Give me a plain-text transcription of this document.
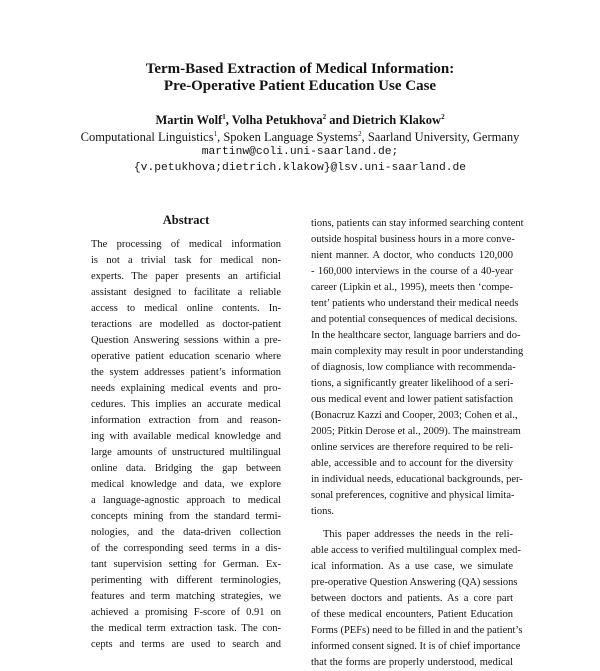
Term-Based Extraction of Medical Information:
Pre-Operative Patient Education Use Case
Martin Wolf$^1$, Volha Petukhova$^2$ and Dietrich Klakow$^2$
Computational Linguistics$^1$, Spoken Language Systems$^2$, Saarland University, Germany
martinw@coli.uni-saarland.de;
{v.petukhova;dietrich.klakow}@lsv.uni-saarland.de
Abstract
The processing of medical information
is not a trivial task for medical non-
experts. The paper presents an artificial
assistant designed to facilitate a reliable
access to medical online contents. In-
teractions are modelled as doctor-patient
Question Answering sessions within a pre-
operative patient education scenario where
the system addresses patient’s information
needs explaining medical events and pro-
cedures. This implies an accurate medical
information extraction from and reason-
ing with available medical knowledge and
large amounts of unstructured multilingual
online data. Bridging the gap between
medical knowledge and data, we explore
a language-agnostic approach to medical
concepts mining from the standard termi-
nologies, and the data-driven collection
of the corresponding seed terms in a dis-
tant supervision setting for German. Ex-
perimenting with different terminologies,
features and term matching strategies, we
achieved a promising F-score of 0.91 on
the medical term extraction task. The con-
cepts and terms are used to search and
tions, patients can stay informed searching content
outside hospital business hours in a more conve-
nient manner. A doctor, who conducts 120,000
- 160,000 interviews in the course of a 40-year
career (Lipkin et al., 1995), meets then ‘compe-
tent’ patients who understand their medical needs
and potential consequences of medical decisions.
In the healthcare sector, language barriers and do-
main complexity may result in poor understanding
of diagnosis, low compliance with recommenda-
tions, a significantly greater likelihood of a seri-
ous medical event and lower patient satisfaction
(Bonacruz Kazzi and Cooper, 2003; Cohen et al.,
2005; Pitkin Derose et al., 2009). The mainstream
online services are therefore required to be reli-
able, accessible and to account for the diversity
in individual needs, educational backgrounds, per-
sonal preferences, cognitive and physical limita-
tions.
This paper addresses the needs in the reli-
able access to verified multilingual complex med-
ical information. As a use case, we simulate
pre-operative Question Answering (QA) sessions
between doctors and patients. As a core part
of these medical encounters, Patient Education
Forms (PEFs) need to be filled in and the patient’s
informed consent signed. It is of chief importance
that the forms are properly understood, medical
